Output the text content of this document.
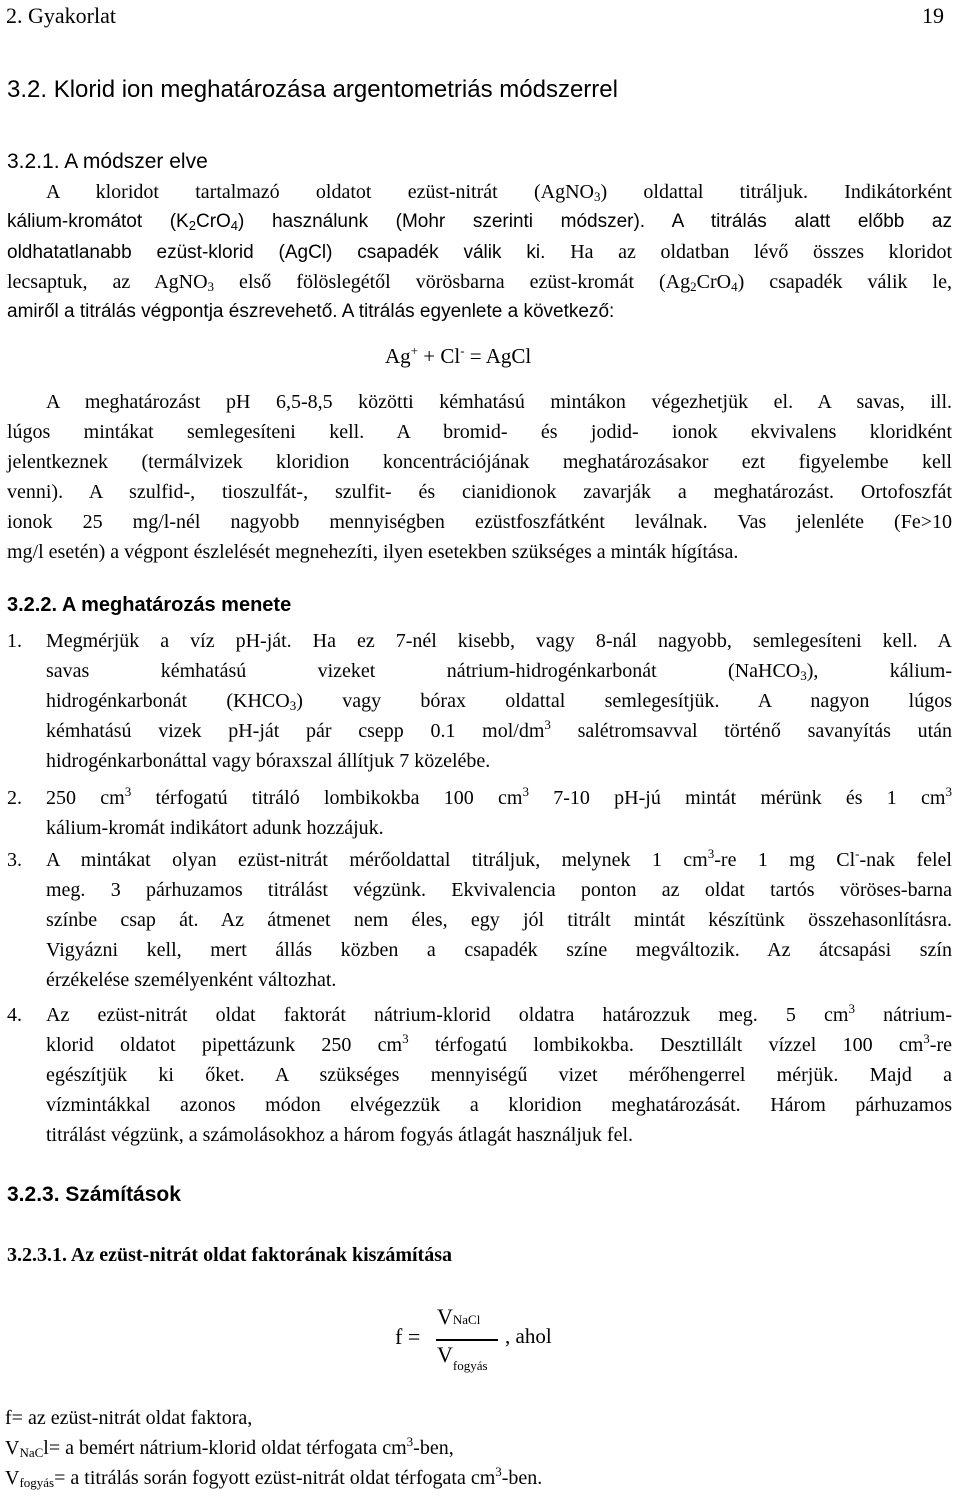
2. Gyakorlat	19
3.2. Klorid ion meghatározása argentometriás módszerrel
3.2.1. A módszer elve
A kloridot tartalmazó oldatot ezüst-nitrát (AgNO$_3$) oldattal titráljuk. Indikátorként
kálium-kromátot $(K_2CrO_4)$ használunk (Mohr szerinti módszer). A titrálás alatt előbb az
oldhatatlanabb ezüst-klorid (AgCl) csapadék válik ki. Ha az oldatban lévő összes kloridot
lecsaptuk, az AgNO$_3$ első fölöslegétől vörösbarna ezüst-kromát $(Ag_2CrO_4)$ csapadék válik le,
amiről a titrálás végpontja észrevehető. A titrálás egyenlete a következő:
Ag+ + Cl- = AgCl
A meghatározást pH 6,5-8,5 közötti kémhatású mintákon végezhetjük el. A savas, ill.
lúgos mintákat semlegesíteni kell. A bromid- és jodid- ionok ekvivalens kloridként
jelentkeznek (termálvizek kloridion koncentrációjának meghatározásakor ezt figyelembe kell
venni). A szulfid-, tioszulfát-, szulfit- és cianidionok zavarják a meghatározást. Ortofoszfát
ionok 25 mg/l-nél nagyobb mennyiségben ezüstfoszfátként leválnak. Vas jelenléte (Fe>10
mg/l esetén) a végpont észlelését megnehezíti, ilyen esetekben szükséges a minták hígítása.
3.2.2. A meghatározás menete
1. Megmérjük a víz pH-ját. Ha ez 7-nél kisebb, vagy 8-nál nagyobb, semlegesíteni kell. A
savas kémhatású vizeket nátrium-hidrogénkarbonát (NaHCO$_3$), kálium-
hidrogénkarbonát $(KHCO_3)$ vagy bórax oldattal semlegesítjük. A nagyon lúgos
kémhatású vizek pH-ját pár csepp 0.1 mol/$dm^3$ salétromsavval történő savanyítás után
hidrogénkarbonáttal vagy bóraxszal állítjuk 7 közelébe.
2. 250 $cm^3$ térfogatú titráló lombikokba 100 $cm^3$ 7-10 pH-jú mintát mérünk és 1 $cm^3$
kálium-kromát indikátort adunk hozzájuk.
3. A mintákat olyan ezüst-nitrát mérőoldattal titráljuk, melynek 1 $cm^3-re$ 1 mg Cl--nak felel
meg. 3 párhuzamos titrálást végzünk. Ekvivalencia ponton az oldat tartós vöröses-barna
színbe csap át. Az átmenet nem éles, egy jól titrált mintát készítünk összehasonlításra.
Vigyázni kell, mert állás közben a csapadék színe megváltozik. Az átcsapási szín
érzékelése személyenként változhat.
4. Az ezüst-nitrát oldat faktorát nátrium-klorid oldatra határozzuk meg. 5 $cm^3$ nátrium-
klorid oldatot pipettázunk 250 $cm^3$ térfogatú lombikokba. Desztillált vízzel 100 $cm^3-re$
egészítjük ki őket. A szükséges mennyiségű vizet mérőhengerrel mérjük. Majd a
vízmintákkal azonos módon elvégezzük a kloridion meghatározását. Három párhuzamos
titrálást végzünk, a számolásokhoz a három fogyás átlagát használjuk fel.
3.2.3. Számítások
3.2.3.1. Az ezüst-nitrát oldat faktorának kiszámítása
f =
VNaCl
$V_{fogyás}$
, ahol
f= az ezüst-nitrát oldat faktora,
$V_{NaC}l= a$ bemért nátrium-klorid oldat térfogata $cm^3$-ben,
$V_{fogyás}= a$ titrálás során fogyott ezüst-nitrát oldat térfogata $cm^3$-ben.
